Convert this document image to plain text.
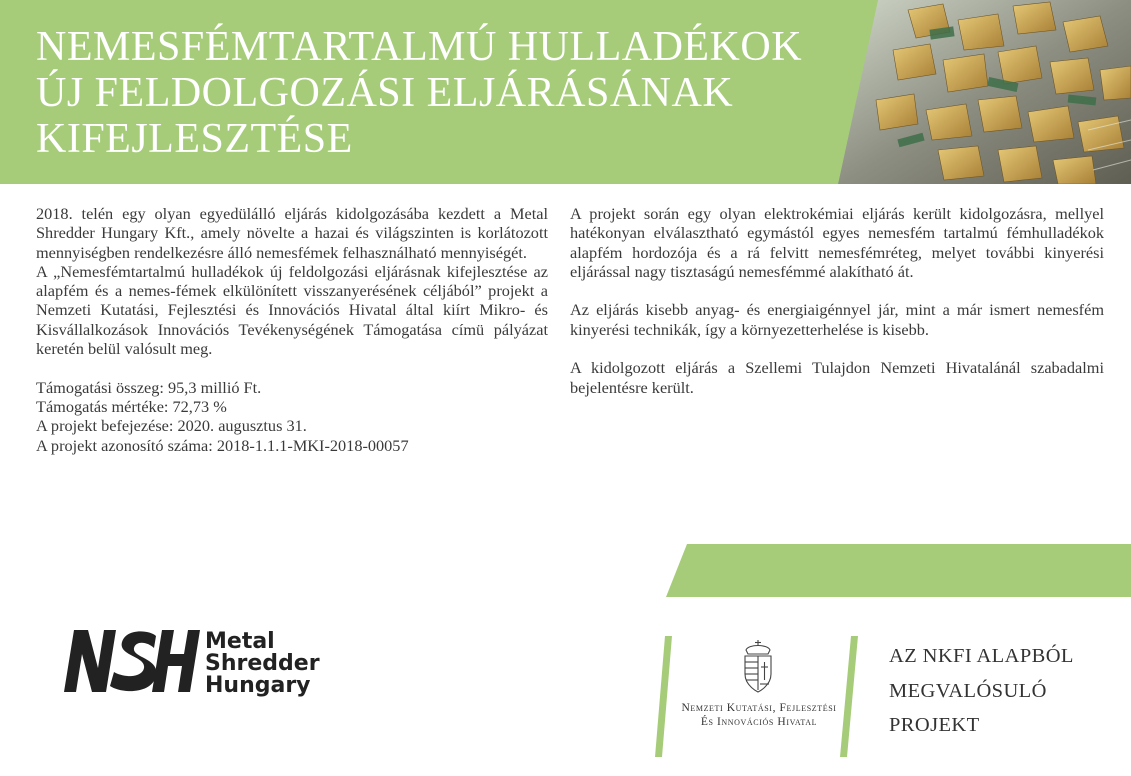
NEMESFÉMTARTALMÚ HULLADÉKOK
ÚJ FELDOLGOZÁSI ELJÁRÁSÁNAK
KIFEJLESZTÉSE

2018. telén egy olyan egyedülálló eljárás kidolgozásába kezdett a Metal Shredder Hungary Kft., amely növelte a hazai és világszinten is korlátozott mennyiségben rendelkezésre álló nemesfémek felhasználható mennyiségét.

A „Nemesfémtartalmú hulladékok új feldolgozási eljárásnak kifejlesztése az alapfém és a nemes-fémek elkülönített visszanyerésének céljából” projekt a Nemzeti Kutatási, Fejlesztési és Innovációs Hivatal által kiírt Mikro- és Kisvállalkozások Innovációs Tevékenységének Támogatása címü pályázat keretén belül valósult meg.

Támogatási összeg: 95,3 millió Ft.
Támogatás mértéke: 72,73 %
A projekt befejezése: 2020. augusztus 31.
A projekt azonosító száma: 2018-1.1.1-MKI-2018-00057

A projekt során egy olyan elektrokémiai eljárás került kidolgozásra, mellyel hatékonyan elválasztható egymástól egyes nemesfém tartalmú fémhulladékok alapfém hordozója és a rá felvitt nemesfémréteg, melyet további kinyerési eljárással nagy tisztaságú nemesfémmé alakítható át.

Az eljárás kisebb anyag- és energiaigénnyel jár, mint a már ismert nemesfém kinyerési technikák, így a környezetterhelése is kisebb.

A kidolgozott eljárás a Szellemi Tulajdon Nemzeti Hivatalánál szabadalmi bejelentésre került.

Metal
Shredder
Hungary
Nemzeti Kutatási, Fejlesztési
És Innovációs Hivatal
AZ NKFI ALAPBÓL
MEGVALÓSULÓ
PROJEKT
